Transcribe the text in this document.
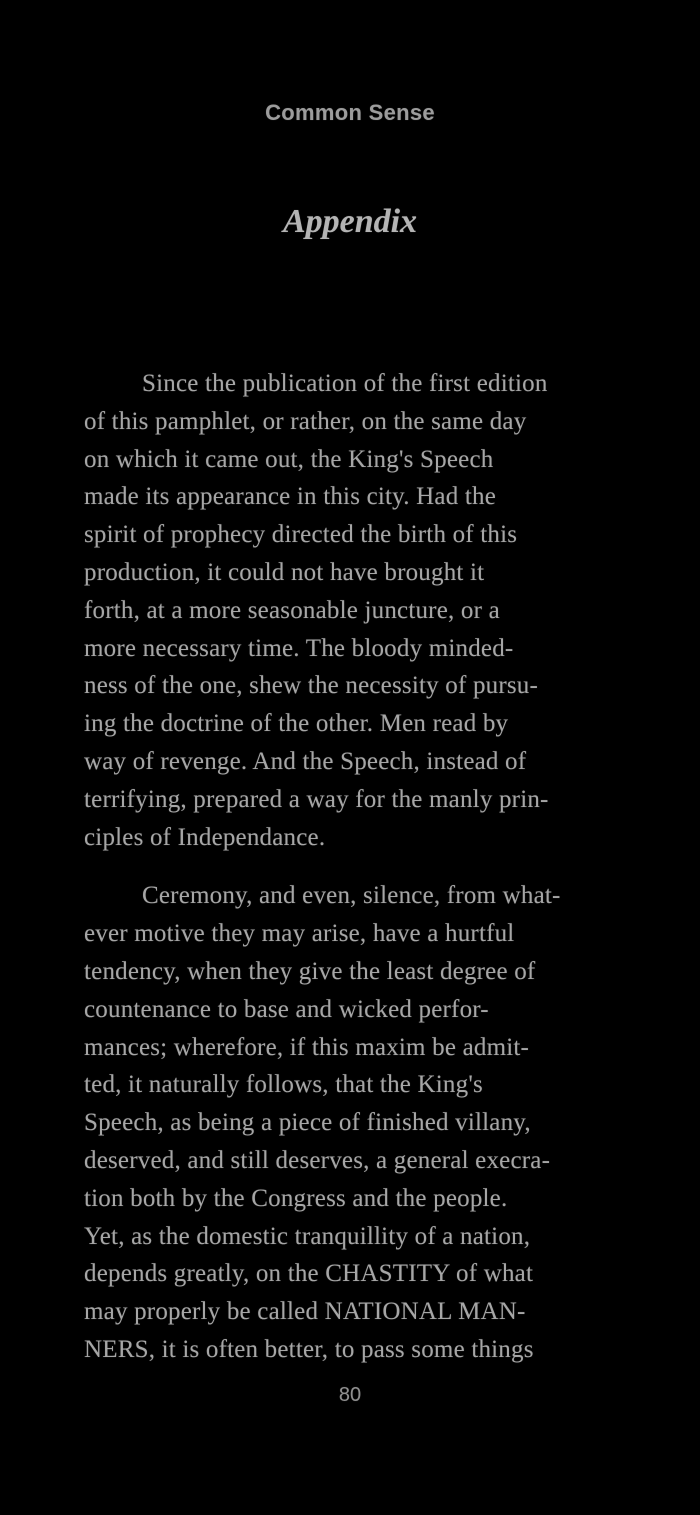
Common Sense
Appendix
Since the publication of the first edition
of this pamphlet, or rather, on the same day
on which it came out, the King's Speech
made its appearance in this city. Had the
spirit of prophecy directed the birth of this
production, it could not have brought it
forth, at a more seasonable juncture, or a
more necessary time. The bloody minded-
ness of the one, shew the necessity of pursu-
ing the doctrine of the other. Men read by
way of revenge. And the Speech, instead of
terrifying, prepared a way for the manly prin-
ciples of Independance.
Ceremony, and even, silence, from what-
ever motive they may arise, have a hurtful
tendency, when they give the least degree of
countenance to base and wicked perfor-
mances; wherefore, if this maxim be admit-
ted, it naturally follows, that the King's
Speech, as being a piece of finished villany,
deserved, and still deserves, a general execra-
tion both by the Congress and the people.
Yet, as the domestic tranquillity of a nation,
depends greatly, on the CHASTITY of what
may properly be called NATIONAL MAN-
NERS, it is often better, to pass some things
80
